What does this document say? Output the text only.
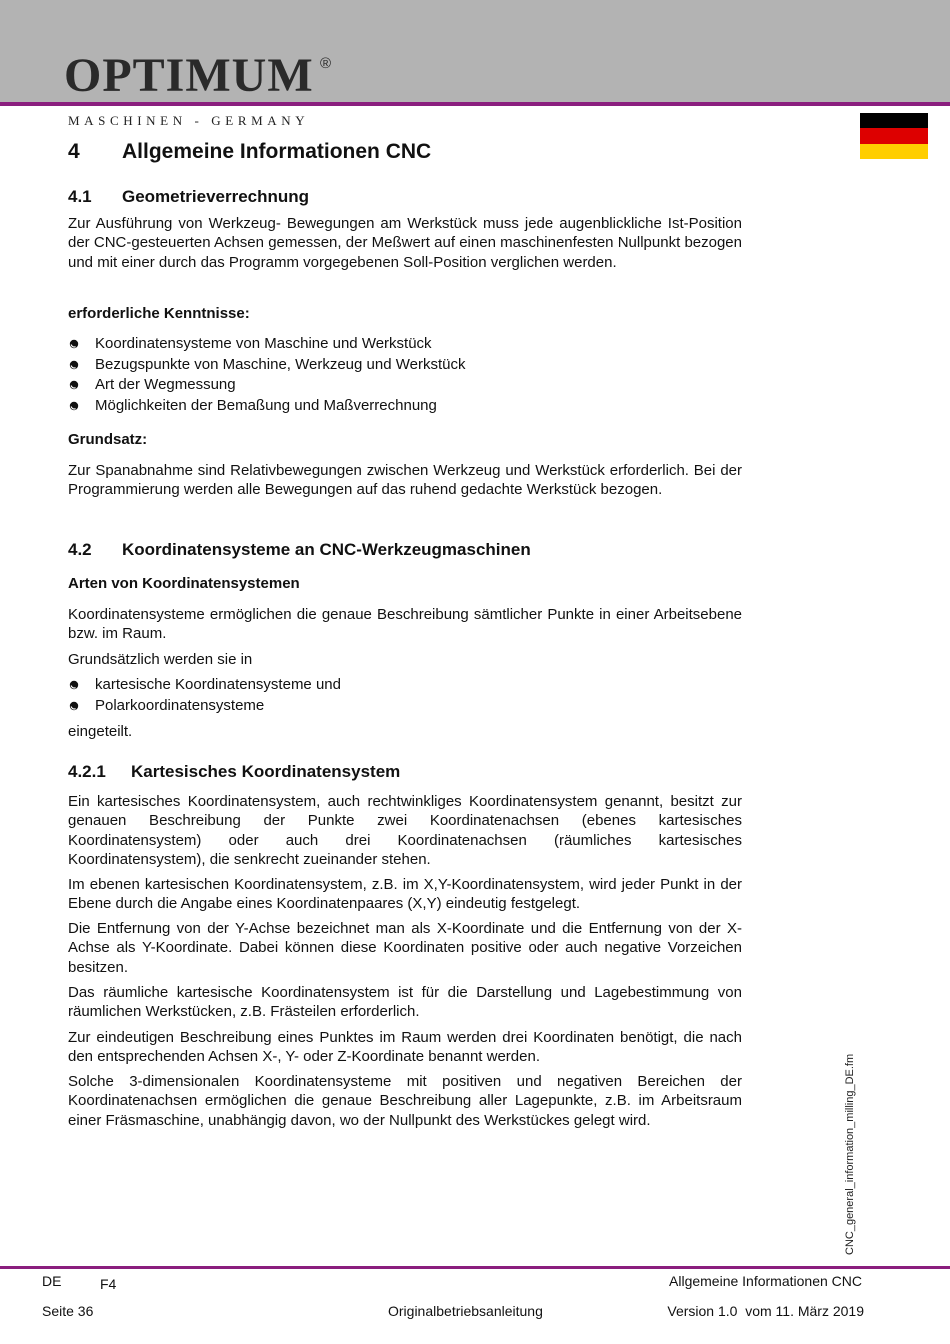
OPTIMUM ®
MASCHINEN - GERMANY
4 Allgemeine Informationen CNC
4.1 Geometrieverrechnung
Zur Ausführung von Werkzeug- Bewegungen am Werkstück muss jede augenblickliche Ist-Position der CNC-gesteuerten Achsen gemessen, der Meßwert auf einen maschinenfesten Nullpunkt bezogen und mit einer durch das Programm vorgegebenen Soll-Position verglichen werden.
erforderliche Kenntnisse:
Koordinatensysteme von Maschine und Werkstück
Bezugspunkte von Maschine, Werkzeug und Werkstück
Art der Wegmessung
Möglichkeiten der Bemaßung und Maßverrechnung
Grundsatz:
Zur Spanabnahme sind Relativbewegungen zwischen Werkzeug und Werkstück erforderlich. Bei der Programmierung werden alle Bewegungen auf das ruhend gedachte Werkstück bezogen.
4.2 Koordinatensysteme an CNC-Werkzeugmaschinen
Arten von Koordinatensystemen
Koordinatensysteme ermöglichen die genaue Beschreibung sämtlicher Punkte in einer Arbeitsebene bzw. im Raum.
Grundsätzlich werden sie in
kartesische Koordinatensysteme und
Polarkoordinatensysteme
eingeteilt.
4.2.1 Kartesisches Koordinatensystem
Ein kartesisches Koordinatensystem, auch rechtwinkliges Koordinatensystem genannt, besitzt zur genauen Beschreibung der Punkte zwei Koordinatenachsen (ebenes kartesisches Koordinatensystem) oder auch drei Koordinatenachsen (räumliches kartesisches Koordinatensystem), die senkrecht zueinander stehen.
Im ebenen kartesischen Koordinatensystem, z.B. im X,Y-Koordinatensystem, wird jeder Punkt in der Ebene durch die Angabe eines Koordinatenpaares (X,Y) eindeutig festgelegt.
Die Entfernung von der Y-Achse bezeichnet man als X-Koordinate und die Entfernung von der X-Achse als Y-Koordinate. Dabei können diese Koordinaten positive oder auch negative Vorzeichen besitzen.
Das räumliche kartesische Koordinatensystem ist für die Darstellung und Lagebestimmung von räumlichen Werkstücken, z.B. Frästeilen erforderlich.
Zur eindeutigen Beschreibung eines Punktes im Raum werden drei Koordinaten benötigt, die nach den entsprechenden Achsen X-, Y- oder Z-Koordinate benannt werden.
Solche 3-dimensionalen Koordinatensysteme mit positiven und negativen Bereichen der Koordinatenachsen ermöglichen die genaue Beschreibung aller Lagepunkte, z.B. im Arbeitsraum einer Fräsmaschine, unabhängig davon, wo der Nullpunkt des Werkstückes gelegt wird.	CNC_general_information_milling_DE.fm
DE	F4	Allgemeine Informationen CNC
Seite 36	Originalbetriebsanleitung	Version 1.0  vom 11. März 2019
